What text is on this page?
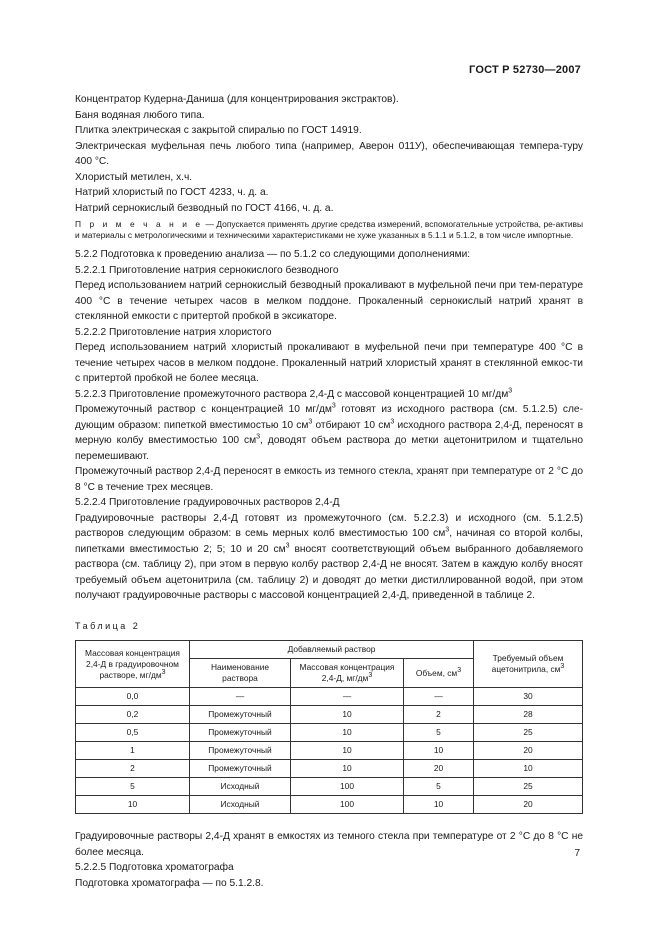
ГОСТ Р 52730—2007

Концентратор Кудерна-Даниша (для концентрирования экстрактов).

Баня водяная любого типа.

Плитка электрическая с закрытой спиралью по ГОСТ 14919.

Электрическая муфельная печь любого типа (например, Аверон 011У), обеспечивающая темпера-туру 400 °С.

Хлористый метилен, х.ч.

Натрий хлористый по ГОСТ 4233, ч. д. а.

Натрий сернокислый безводный по ГОСТ 4166, ч. д. а.

П р и м е ч а н и е — Допускается применять другие средства измерений, вспомогательные устройства, ре-активы и материалы с метрологическими и техническими характеристиками не хуже указанных в 5.1.1 и 5.1.2, в том числе импортные.

5.2.2 Подготовка к проведению анализа — по 5.1.2 со следующими дополнениями:

5.2.2.1 Приготовление натрия сернокислого безводного

Перед использованием натрий сернокислый безводный прокаливают в муфельной печи при тем-пературе 400 °С в течение четырех часов в мелком поддоне. Прокаленный сернокислый натрий хранят в стеклянной емкости с притертой пробкой в эксикаторе.

5.2.2.2 Приготовление натрия хлористого

Перед использованием натрий хлористый прокаливают в муфельной печи при температуре 400 °С в течение четырех часов в мелком поддоне. Прокаленный натрий хлористый хранят в стеклянной емкос-ти с притертой пробкой не более месяца.

5.2.2.3 Приготовление промежуточного раствора 2,4-Д с массовой концентрацией 10 $мг/дм^3$

Промежуточный раствор с концентрацией 10 $мг/дм^3$ готовят из исходного раствора (см. 5.1.2.5) сле-дующим образом: пипеткой вместимостью 10 $см^3$ отбирают 10 $см^3$ исходного раствора 2,4-Д, переносят в мерную колбу вместимостью 100 $см^3$, доводят объем раствора до метки ацетонитрилом и тщательно перемешивают.

Промежуточный раствор 2,4-Д переносят в емкость из темного стекла, хранят при температуре от 2 °С до 8 °С в течение трех месяцев.

5.2.2.4 Приготовление градуировочных растворов 2,4-Д

Градуировочные растворы 2,4-Д готовят из промежуточного (см. 5.2.2.3) и исходного (см. 5.1.2.5) растворов следующим образом: в семь мерных колб вместимостью 100 $см^3$, начиная со второй колбы, пипетками вместимостью 2; 5; 10 и 20 $см^3$ вносят соответствующий объем выбранного добавляемого раствора (см. таблицу 2), при этом в первую колбу раствор 2,4-Д не вносят. Затем в каждую колбу вносят требуемый объем ацетонитрила (см. таблицу 2) и доводят до метки дистиллированной водой, при этом получают градуировочные растворы с массовой концентрацией 2,4-Д, приведенной в таблице 2.

Таблица 2

Массовая концентрация 2,4-Д в градуировочном растворе, $мг/дм^3$	Добавляемый раствор			Требуемый объем ацетонитрила, $см^3$
	Наименование раствора	Массовая концентрация 2,4-Д, $мг/дм^3$	Объем, $см^3$
0,0	—	—	—	30
0,2	Промежуточный	10	2	28
0,5	Промежуточный	10	5	25
1	Промежуточный	10	10	20
2	Промежуточный	10	20	10
5	Исходный	100	5	25
10	Исходный	100	10	20

Градуировочные растворы 2,4-Д хранят в емкостях из темного стекла при температуре от 2 °С до 8 °С не более месяца.

5.2.2.5 Подготовка хроматографа

Подготовка хроматографа — по 5.1.2.8.

7
